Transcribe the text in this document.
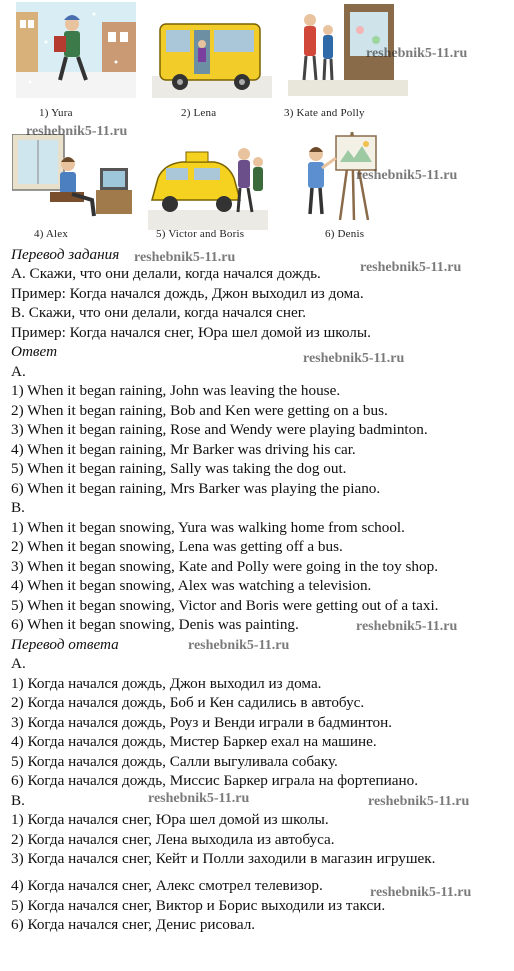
1) Yura	2) Lena	3) Kate and Polly
4) Alex	5) Victor and Boris	6) Denis
Перевод задания
А. Скажи, что они делали, когда начался дождь.
Пример: Когда начался дождь, Джон выходил из дома.
В. Скажи, что они делали, когда начался снег.
Пример: Когда начался снег, Юра шел домой из школы.
Ответ
A.
1) When it began raining, John was leaving the house.
2) When it began raining, Bob and Ken were getting on a bus.
3) When it began raining, Rose and Wendy were playing badminton.
4) When it began raining, Mr Barker was driving his car.
5) When it began raining, Sally was taking the dog out.
6) When it began raining, Mrs Barker was playing the piano.
B.
1) When it began snowing, Yura was walking home from school.
2) When it began snowing, Lena was getting off a bus.
3) When it began snowing, Kate and Polly were going in the toy shop.
4) When it began snowing, Alex was watching a television.
5) When it began snowing, Victor and Boris were getting out of a taxi.
6) When it began snowing, Denis was painting.
Перевод ответа
А.
1) Когда начался дождь, Джон выходил из дома.
2) Когда начался дождь, Боб и Кен садились в автобус.
3) Когда начался дождь, Роуз и Венди играли в бадминтон.
4) Когда начался дождь, Мистер Баркер ехал на машине.
5) Когда начался дождь, Салли выгуливала собаку.
6) Когда начался дождь, Миссис Баркер играла на фортепиано.
В.
1) Когда начался снег, Юра шел домой из школы.
2) Когда начался снег, Лена выходила из автобуса.
3) Когда начался снег, Кейт и Полли заходили в магазин игрушек.
4) Когда начался снег, Алекс смотрел телевизор.
5) Когда начался снег, Виктор и Борис выходили из такси.
6) Когда начался снег, Денис рисовал.
reshebnik5-11.ru
reshebnik5-11.ru
reshebnik5-11.ru
reshebnik5-11.ru
reshebnik5-11.ru
reshebnik5-11.ru
reshebnik5-11.ru
reshebnik5-11.ru
reshebnik5-11.ru
reshebnik5-11.ru
reshebnik5-11.ru
